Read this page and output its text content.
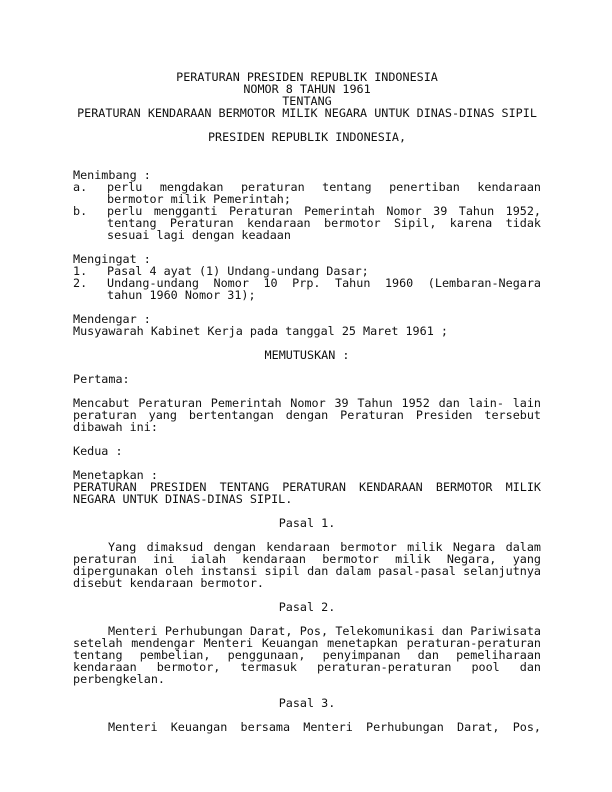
PERATURAN PRESIDEN REPUBLIK INDONESIA
NOMOR 8 TAHUN 1961
TENTANG
PERATURAN KENDARAAN BERMOTOR MILIK NEGARA UNTUK DINAS-DINAS SIPIL
PRESIDEN REPUBLIK INDONESIA,
Menimbang :
a.	perlu mengdakan peraturan tentang penertiban kendaraan
bermotor milik Pemerintah;
b.	perlu mengganti Peraturan Pemerintah Nomor 39 Tahun 1952,
tentang Peraturan kendaraan bermotor Sipil, karena tidak
sesuai lagi dengan keadaan
Mengingat :
1.	Pasal 4 ayat (1) Undang-undang Dasar;
2.	Undang-undang Nomor 10 Prp. Tahun 1960 (Lembaran-Negara
tahun 1960 Nomor 31);
Mendengar :
Musyawarah Kabinet Kerja pada tanggal 25 Maret 1961 ;
MEMUTUSKAN :
Pertama:
Mencabut Peraturan Pemerintah Nomor 39 Tahun 1952 dan lain- lain
peraturan yang bertentangan dengan Peraturan Presiden tersebut
dibawah ini:
Kedua :
Menetapkan :
PERATURAN PRESIDEN TENTANG PERATURAN KENDARAAN BERMOTOR MILIK
NEGARA UNTUK DINAS-DINAS SIPIL.
Pasal 1.
Yang dimaksud dengan kendaraan bermotor milik Negara dalam
peraturan ini ialah kendaraan bermotor milik Negara, yang
dipergunakan oleh instansi sipil dan dalam pasal-pasal selanjutnya
disebut kendaraan bermotor.
Pasal 2.
Menteri Perhubungan Darat, Pos, Telekomunikasi dan Pariwisata
setelah mendengar Menteri Keuangan menetapkan peraturan-peraturan
tentang pembelian, penggunaan, penyimpanan dan pemeliharaan
kendaraan bermotor, termasuk peraturan-peraturan pool dan
perbengkelan.
Pasal 3.
Menteri Keuangan bersama Menteri Perhubungan Darat, Pos,
